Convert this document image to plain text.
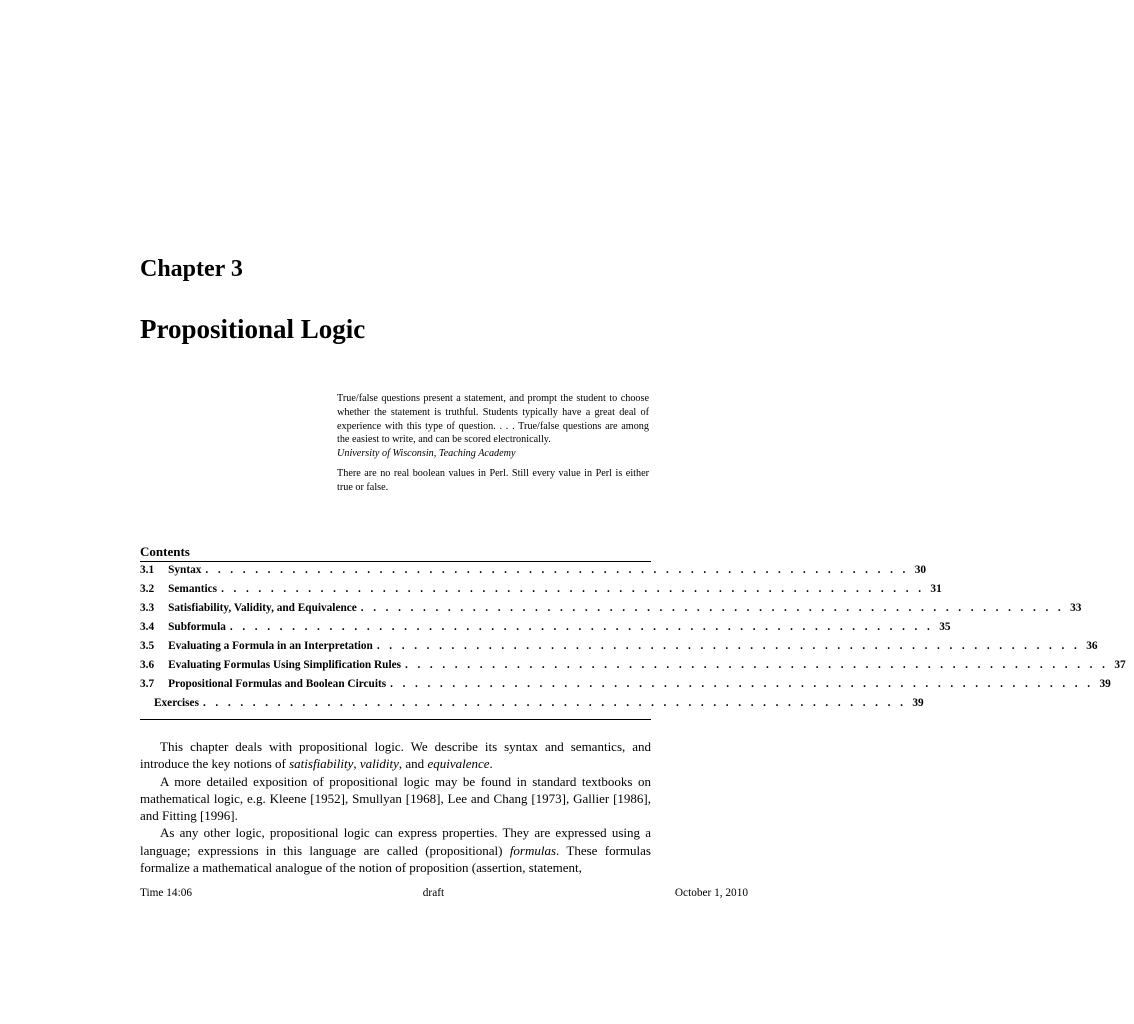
Chapter 3
Propositional Logic

True/false questions present a statement, and prompt the student to choose whether the statement is truthful. Students typically have a great deal of experience with this type of question. . . . True/false questions are among the easiest to write, and can be scored electronically.

University of Wisconsin, Teaching Academy

There are no real boolean values in Perl. Still every value in Perl is either true or false.

Contents
3.1	Syntax . . . . . . . . . . . . . . . . . . . . . . . . . . . . . . . . . . . . . . . . . . . . . . . . . . . . . . . . . 30
3.2	Semantics . . . . . . . . . . . . . . . . . . . . . . . . . . . . . . . . . . . . . . . . . . . . . . . . . . . . . . . . . 31
3.3	Satisfiability, Validity, and Equivalence . . . . . . . . . . . . . . . . . . . . . . . . . . . . . . . . . . . . . . . . . . . . . . . . . . . . . . . . . 33
3.4	Subformula . . . . . . . . . . . . . . . . . . . . . . . . . . . . . . . . . . . . . . . . . . . . . . . . . . . . . . . . . 35
3.5	Evaluating a Formula in an Interpretation . . . . . . . . . . . . . . . . . . . . . . . . . . . . . . . . . . . . . . . . . . . . . . . . . . . . . . . . . 36
3.6	Evaluating Formulas Using Simplification Rules . . . . . . . . . . . . . . . . . . . . . . . . . . . . . . . . . . . . . . . . . . . . . . . . . . . . . . . . . 37
3.7	Propositional Formulas and Boolean Circuits . . . . . . . . . . . . . . . . . . . . . . . . . . . . . . . . . . . . . . . . . . . . . . . . . . . . . . . . . 39
Exercises . . . . . . . . . . . . . . . . . . . . . . . . . . . . . . . . . . . . . . . . . . . . . . . . . . . . . . . . . 39

This chapter deals with propositional logic. We describe its syntax and semantics, and introduce the key notions of satisfiability, validity, and equivalence.

A more detailed exposition of propositional logic may be found in standard textbooks on mathematical logic, e.g. Kleene [1952], Smullyan [1968], Lee and Chang [1973], Gallier [1986], and Fitting [1996].

As any other logic, propositional logic can express properties. They are expressed using a language; expressions in this language are called (propositional) formulas. These formulas formalize a mathematical analogue of the notion of proposition (assertion, statement,

Time 14:06	draft	October 1, 2010
